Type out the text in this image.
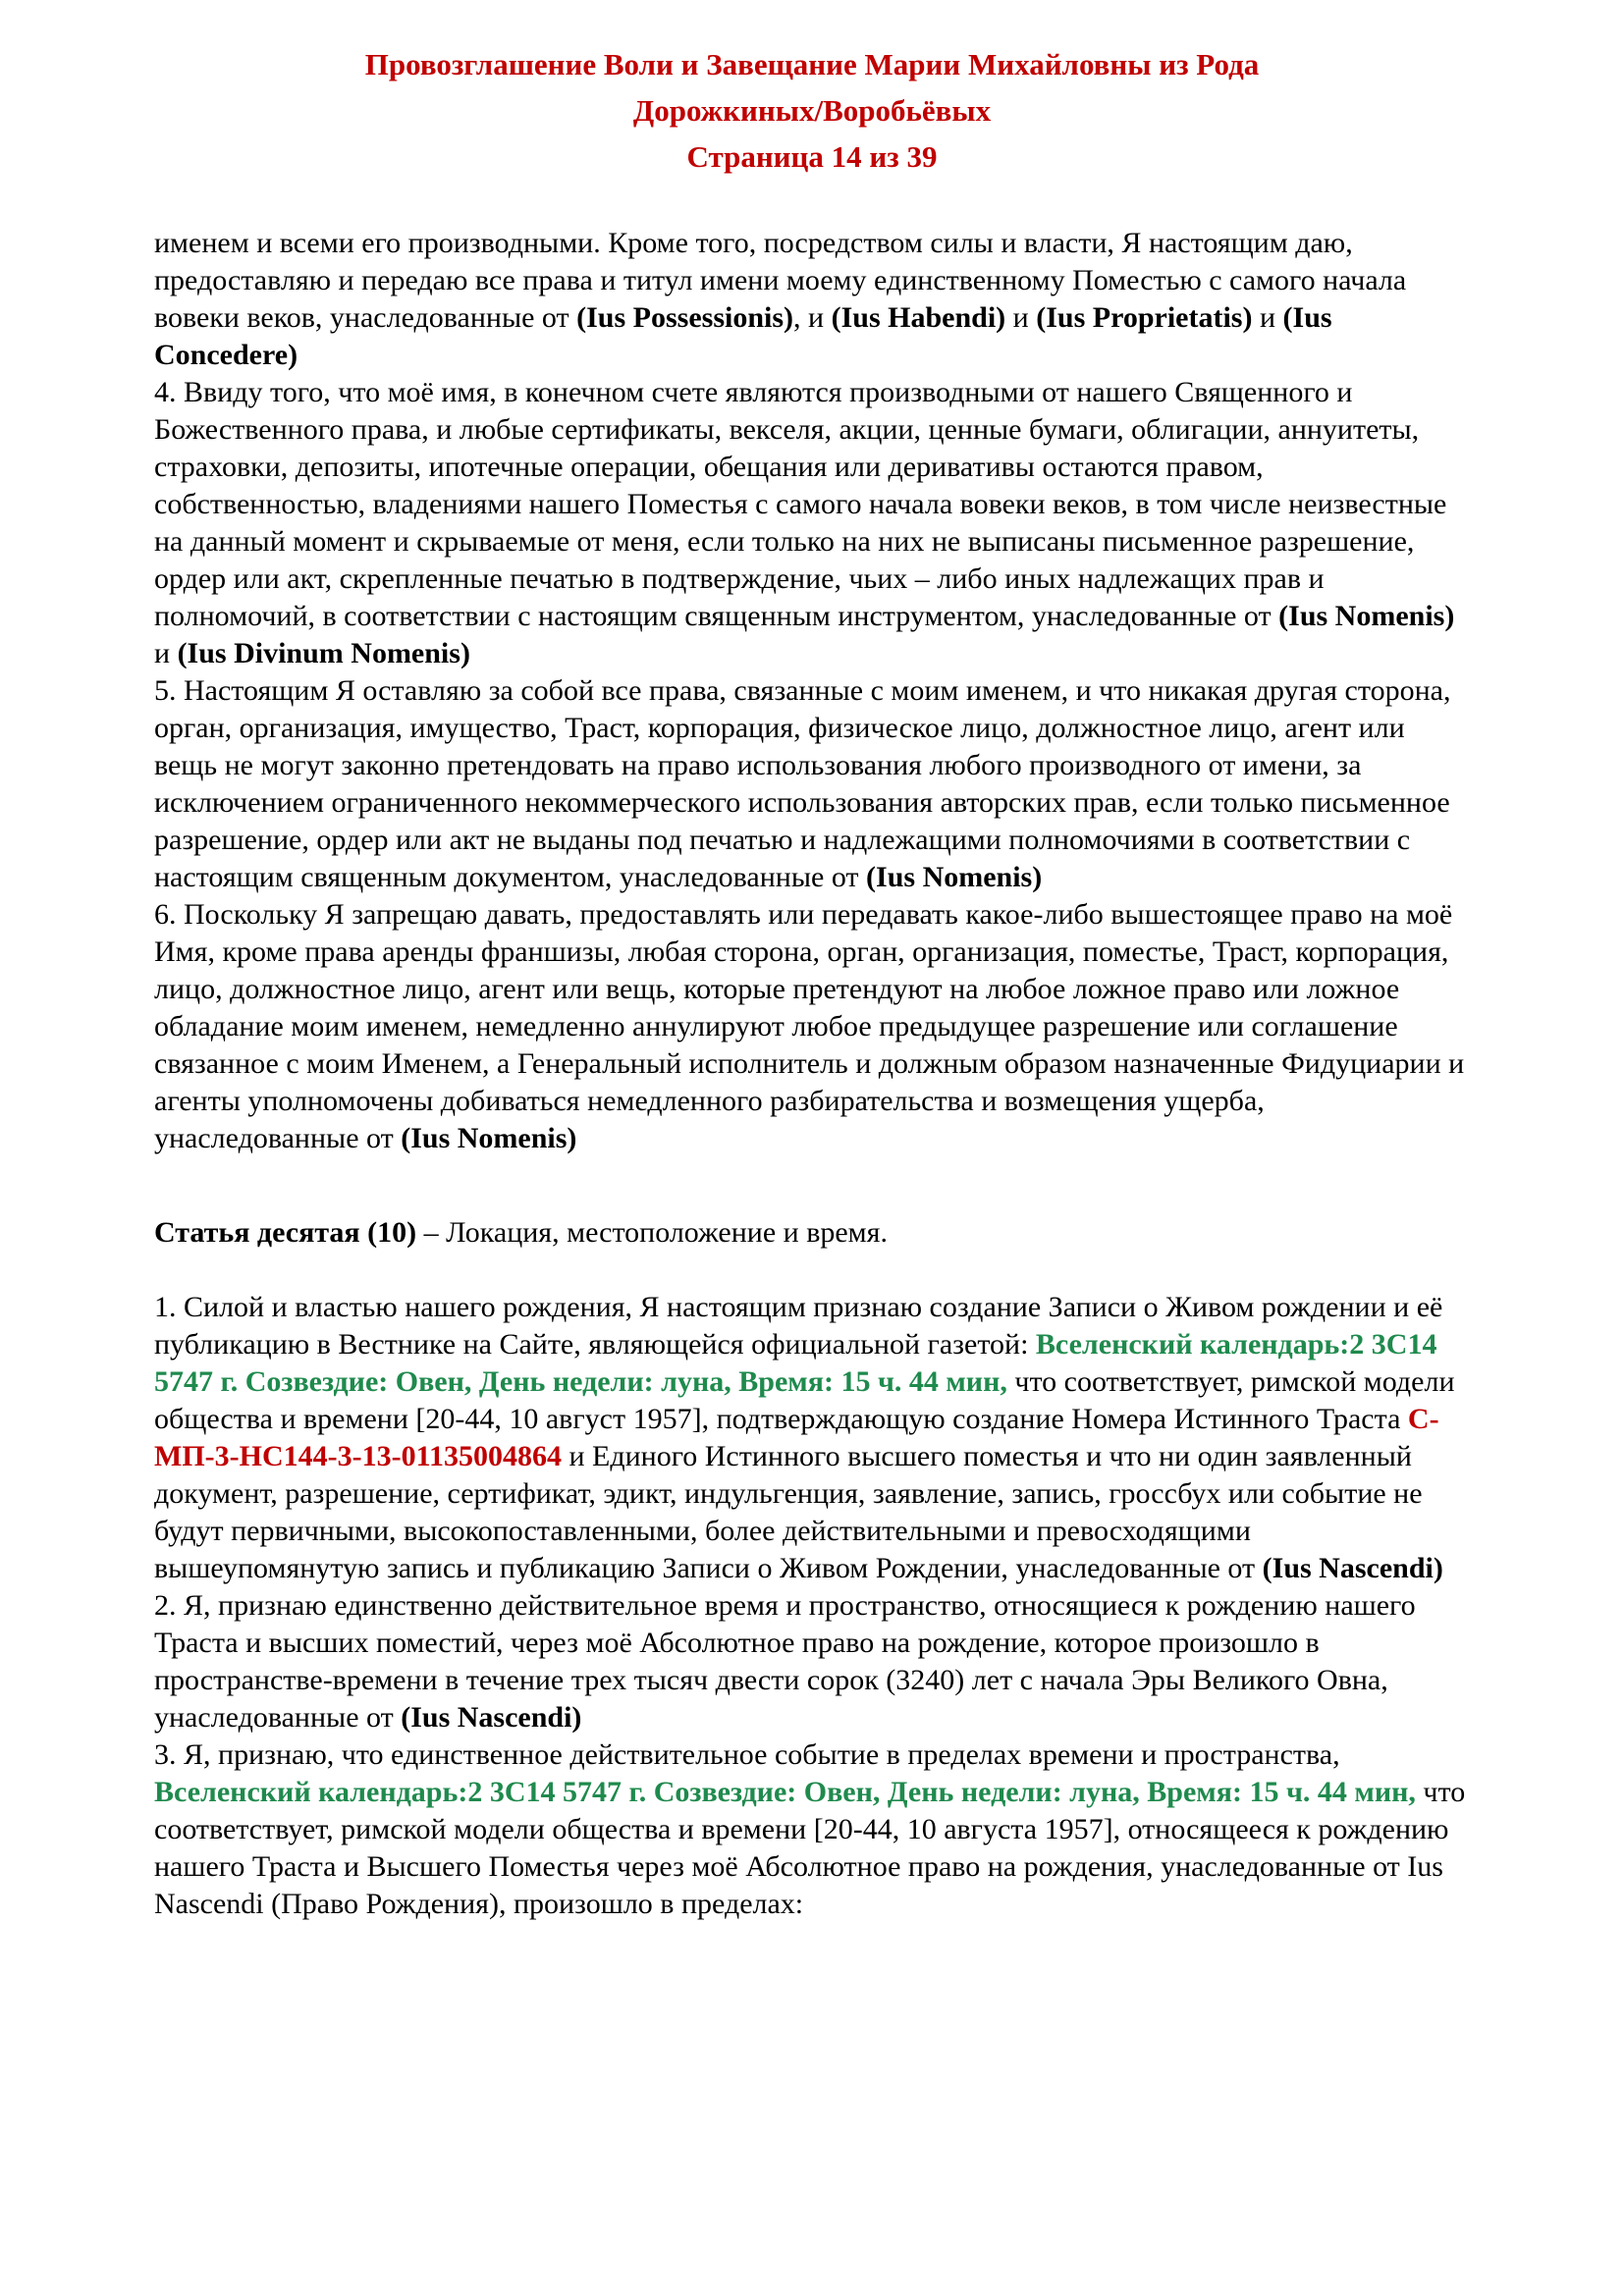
Провозглашение Воли и Завещание Марии Михайловны из Рода
Дорожкиных/Воробьёвых
Страница 14 из 39

именем и всеми его производными. Кроме того, посредством силы и власти, Я настоящим даю, предоставляю и передаю все права и титул имени моему единственному Поместью с самого начала вовеки веков, унаследованные от (Ius Possessionis), и (Ius Habendi) и (Ius Proprietatis) и (Ius Concedere)

4. Ввиду того, что моё имя, в конечном счете являются производными от нашего Священного и Божественного права, и любые сертификаты, векселя, акции, ценные бумаги, облигации, аннуитеты, страховки, депозиты, ипотечные операции, обещания или деривативы остаются правом, собственностью, владениями нашего Поместья с самого начала вовеки веков, в том числе неизвестные на данный момент и скрываемые от меня, если только на них не выписаны письменное разрешение, ордер или акт, скрепленные печатью в подтверждение, чьих – либо иных надлежащих прав и полномочий, в соответствии с настоящим священным инструментом, унаследованные от (Ius Nomenis) и (Ius Divinum Nomenis)

5. Настоящим Я оставляю за собой все права, связанные с моим именем, и что никакая другая сторона, орган, организация, имущество, Траст, корпорация, физическое лицо, должностное лицо, агент или вещь не могут законно претендовать на право использования любого производного от имени, за исключением ограниченного некоммерческого использования авторских прав, если только письменное разрешение, ордер или акт не выданы под печатью и надлежащими полномочиями в соответствии с настоящим священным документом, унаследованные от (Ius Nomenis)

6. Поскольку Я запрещаю давать, предоставлять или передавать какое-либо вышестоящее право на моё Имя, кроме права аренды франшизы, любая сторона, орган, организация, поместье, Траст, корпорация, лицо, должностное лицо, агент или вещь, которые претендуют на любое ложное право или ложное обладание моим именем, немедленно аннулируют любое предыдущее разрешение или соглашение связанное с моим Именем, а Генеральный исполнитель и должным образом назначенные Фидуциарии и агенты уполномочены добиваться немедленного разбирательства и возмещения ущерба, унаследованные от (Ius Nomenis)

Статья десятая (10) – Локация, местоположение и время.

1. Силой и властью нашего рождения, Я настоящим признаю создание Записи о Живом рождении и её публикацию в Вестнике на Сайте, являющейся официальной газетой: Вселенский календарь:2 3С14 5747 г. Созвездие: Овен, День недели: луна, Время: 15 ч. 44 мин, что соответствует, римской модели общества и времени [20-44, 10 август 1957], подтверждающую создание Номера Истинного Траста С-МП-3-НС144-3-13-01135004864 и Единого Истинного высшего поместья и что ни один заявленный документ, разрешение, сертификат, эдикт, индульгенция, заявление, запись, гроссбух или событие не будут первичными, высокопоставленными, более действительными и превосходящими вышеупомянутую запись и публикацию Записи о Живом Рождении, унаследованные от (Ius Nascendi)

2. Я, признаю единственно действительное время и пространство, относящиеся к рождению нашего Траста и высших поместий, через моё Абсолютное право на рождение, которое произошло в пространстве-времени в течение трех тысяч двести сорок (3240) лет с начала Эры Великого Овна, унаследованные от (Ius Nascendi)

3. Я, признаю, что единственное действительное событие в пределах времени и пространства, Вселенский календарь:2 3С14 5747 г. Созвездие: Овен, День недели: луна, Время: 15 ч. 44 мин, что соответствует, римской модели общества и времени [20-44, 10 августа 1957], относящееся к рождению нашего Траста и Высшего Поместья через моё Абсолютное право на рождения, унаследованные от Ius Nascendi (Право Рождения), произошло в пределах:
